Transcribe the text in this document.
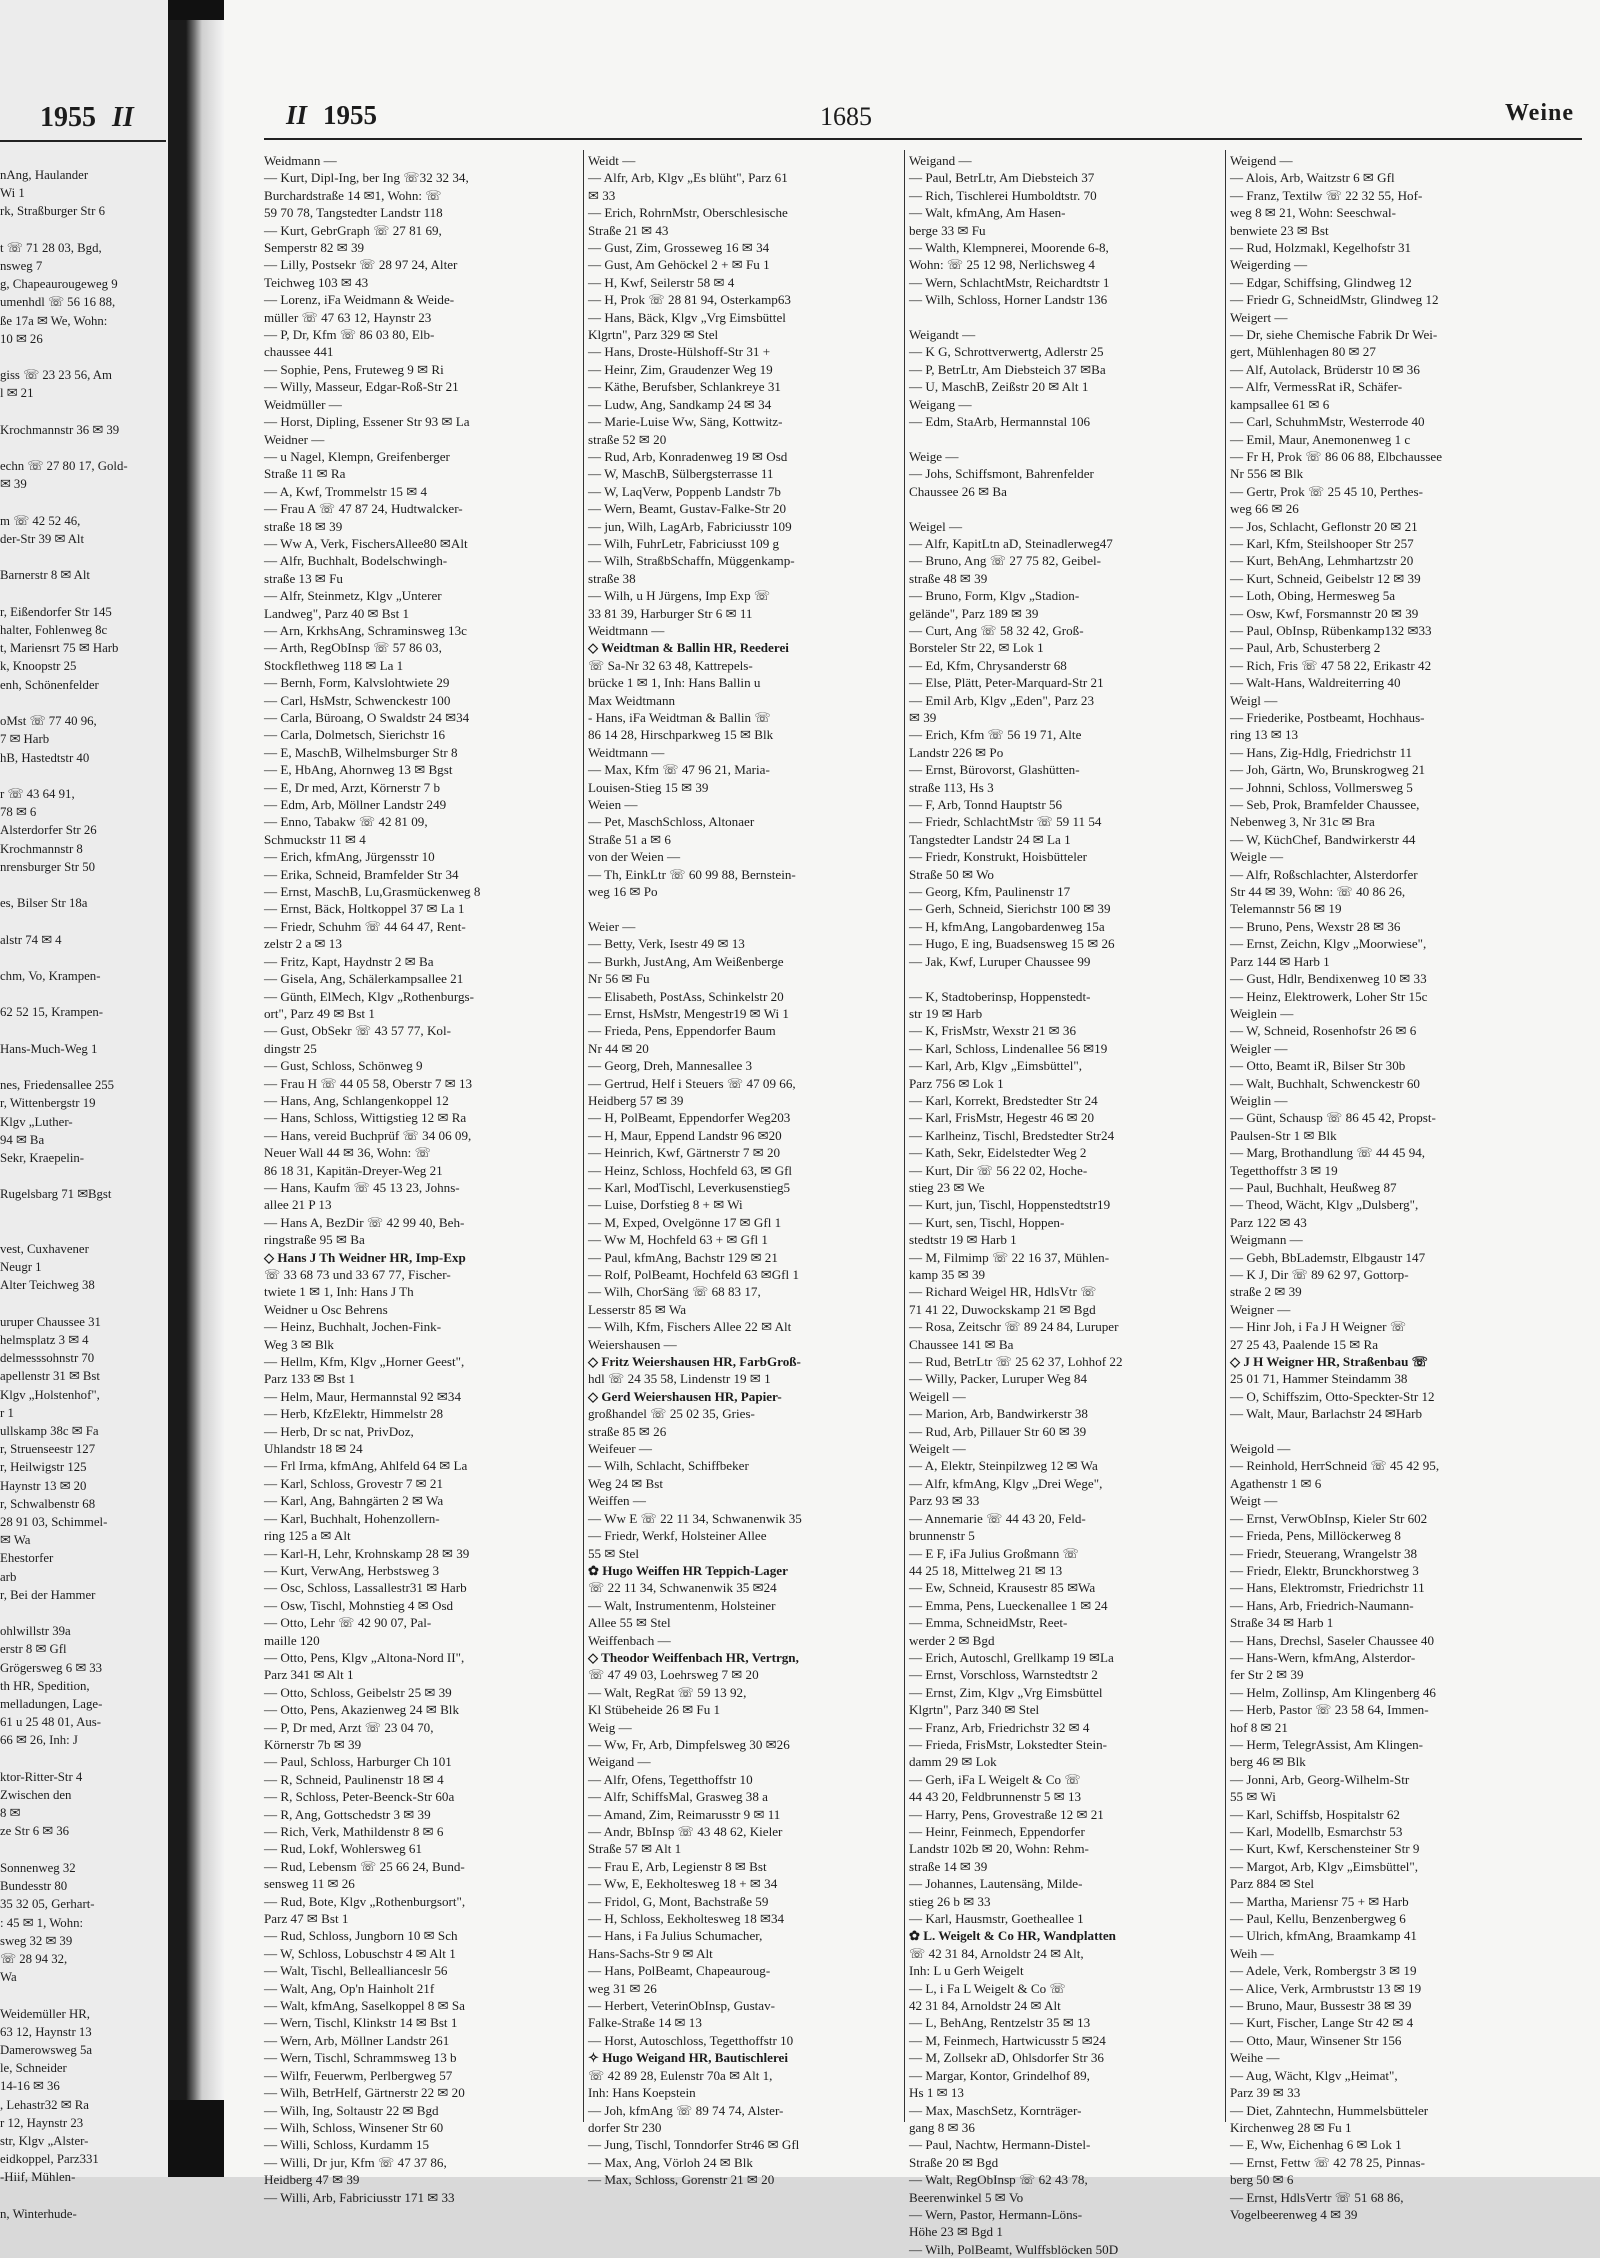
1955 II
nAng, Haulander
Wi 1
rk, Straßburger Str 6

t ☏ 71 28 03, Bgd,
nsweg 7
g, Chapeaurougeweg 9
umenhdl ☏ 56 16 88,
ße 17a ✉ We, Wohn:
10 ✉ 26

giss ☏ 23 23 56, Am
l ✉ 21

Krochmannstr 36 ✉ 39

echn ☏ 27 80 17, Gold-
✉ 39

m ☏ 42 52 46,
der-Str 39 ✉ Alt

Barnerstr 8 ✉ Alt

r, Eißendorfer Str 145
halter, Fohlenweg 8c
t, Mariensrt 75 ✉ Harb
k, Knoopstr 25
enh, Schönenfelder

oMst ☏ 77 40 96,
7 ✉ Harb
hB, Hastedtstr 40

r ☏ 43 64 91,
78 ✉ 6
Alsterdorfer Str 26
Krochmannstr 8
nrensburger Str 50

es, Bilser Str 18a

alstr 74 ✉ 4

chm, Vo, Krampen-

62 52 15, Krampen-

Hans-Much-Weg 1

nes, Friedensallee 255
r, Wittenbergstr 19
Klgv „Luther-
94 ✉ Ba
Sekr, Kraepelin-

Rugelsbarg 71 ✉Bgst

vest, Cuxhavener
Neugr 1
Alter Teichweg 38

uruper Chaussee 31
helmsplatz 3 ✉ 4
delmesssohnstr 70
apellenstr 31 ✉ Bst
Klgv „Holstenhof",
r 1
ullskamp 38c ✉ Fa
r, Struenseestr 127
r, Heilwigstr 125
Haynstr 13 ✉ 20
r, Schwalbenstr 68
28 91 03, Schimmel-
✉ Wa
Ehestorfer
arb
r, Bei der Hammer

ohlwillstr 39a
erstr 8 ✉ Gfl
Grögersweg 6 ✉ 33
th HR, Spedition,
melladungen, Lage-
61 u 25 48 01, Aus-
66 ✉ 26, Inh: J

ktor-Ritter-Str 4
Zwischen den
8 ✉
ze Str 6 ✉ 36

Sonnenweg 32
Bundesstr 80
35 32 05, Gerhart-
: 45 ✉ 1, Wohn:
sweg 32 ✉ 39
☏ 28 94 32,
Wa

Weidemüller HR,
63 12, Haynstr 13
Damerowsweg 5a
le, Schneider
14-16 ✉ 36
, Lehastr32 ✉ Ra
r 12, Haynstr 23
str, Klgv „Alster-
eidkoppel, Parz331
-Hiif, Mühlen-

n, Winterhude-
II 1955	1685	Weine
Weidmann —
— Kurt, Dipl-Ing, ber Ing ☏32 32 34,
Burchardstraße 14 ✉1, Wohn: ☏
59 70 78, Tangstedter Landstr 118
— Kurt, GebrGraph ☏ 27 81 69,
Semperstr 82 ✉ 39
— Lilly, Postsekr ☏ 28 97 24, Alter
Teichweg 103 ✉ 43
— Lorenz, iFa Weidmann & Weide-
müller ☏ 47 63 12, Haynstr 23
— P, Dr, Kfm ☏ 86 03 80, Elb-
chaussee 441
— Sophie, Pens, Fruteweg 9 ✉ Ri
— Willy, Masseur, Edgar-Roß-Str 21
Weidmüller —
— Horst, Dipling, Essener Str 93 ✉ La
Weidner —
— u Nagel, Klempn, Greifenberger
Straße 11 ✉ Ra
— A, Kwf, Trommelstr 15 ✉ 4
— Frau A ☏ 47 87 24, Hudtwalcker-
straße 18 ✉ 39
— Ww A, Verk, FischersAllee80 ✉Alt
— Alfr, Buchhalt, Bodelschwingh-
straße 13 ✉ Fu
— Alfr, Steinmetz, Klgv „Unterer
Landweg", Parz 40 ✉ Bst 1
— Arn, KrkhsAng, Schraminsweg 13c
— Arth, RegObInsp ☏ 57 86 03,
Stockflethweg 118 ✉ La 1
— Bernh, Form, Kalvslohtwiete 29
— Carl, HsMstr, Schwenckestr 100
— Carla, Büroang, O Swaldstr 24 ✉34
— Carla, Dolmetsch, Sierichstr 16
— E, MaschB, Wilhelmsburger Str 8
— E, HbAng, Ahornweg 13 ✉ Bgst
— E, Dr med, Arzt, Körnerstr 7 b
— Edm, Arb, Möllner Landstr 249
— Enno, Tabakw ☏ 42 81 09,
Schmuckstr 11 ✉ 4
— Erich, kfmAng, Jürgensstr 10
— Erika, Schneid, Bramfelder Str 34
— Ernst, MaschB, Lu,Grasmückenweg 8
— Ernst, Bäck, Holtkoppel 37 ✉ La 1
— Friedr, Schuhm ☏ 44 64 47, Rent-
zelstr 2 a ✉ 13
— Fritz, Kapt, Haydnstr 2 ✉ Ba
— Gisela, Ang, Schälerkampsallee 21
— Günth, ElMech, Klgv „Rothenburgs-
ort", Parz 49 ✉ Bst 1
— Gust, ObSekr ☏ 43 57 77, Kol-
dingstr 25
— Gust, Schloss, Schönweg 9
— Frau H ☏ 44 05 58, Oberstr 7 ✉ 13
— Hans, Ang, Schlangenkoppel 12
— Hans, Schloss, Wittigstieg 12 ✉ Ra
— Hans, vereid Buchprüf ☏ 34 06 09,
Neuer Wall 44 ✉ 36, Wohn: ☏
86 18 31, Kapitän-Dreyer-Weg 21
— Hans, Kaufm ☏ 45 13 23, Johns-
allee 21 P 13
— Hans A, BezDir ☏ 42 99 40, Beh-
ringstraße 95 ✉ Ba
◇ Hans J Th Weidner HR, Imp-Exp
☏ 33 68 73 und 33 67 77, Fischer-
twiete 1 ✉ 1, Inh: Hans J Th
Weidner u Osc Behrens
— Heinz, Buchhalt, Jochen-Fink-
Weg 3 ✉ Blk
— Hellm, Kfm, Klgv „Horner Geest",
Parz 133 ✉ Bst 1
— Helm, Maur, Hermannstal 92 ✉34
— Herb, KfzElektr, Himmelstr 28
— Herb, Dr sc nat, PrivDoz,
Uhlandstr 18 ✉ 24
— Frl Irma, kfmAng, Ahlfeld 64 ✉ La
— Karl, Schloss, Grovestr 7 ✉ 21
— Karl, Ang, Bahngärten 2 ✉ Wa
— Karl, Buchhalt, Hohenzollern-
ring 125 a ✉ Alt
— Karl-H, Lehr, Krohnskamp 28 ✉ 39
— Kurt, VerwAng, Herbstsweg 3
— Osc, Schloss, Lassallestr31 ✉ Harb
— Osw, Tischl, Mohnstieg 4 ✉ Osd
— Otto, Lehr ☏ 42 90 07, Pal-
maille 120
— Otto, Pens, Klgv „Altona-Nord II",
Parz 341 ✉ Alt 1
— Otto, Schloss, Geibelstr 25 ✉ 39
— Otto, Pens, Akazienweg 24 ✉ Blk
— P, Dr med, Arzt ☏ 23 04 70,
Körnerstr 7b ✉ 39
— Paul, Schloss, Harburger Ch 101
— R, Schneid, Paulinenstr 18 ✉ 4
— R, Schloss, Peter-Beenck-Str 60a
— R, Ang, Gottschedstr 3 ✉ 39
— Rich, Verk, Mathildenstr 8 ✉ 6
— Rud, Lokf, Wohlersweg 61
— Rud, Lebensm ☏ 25 66 24, Bund-
sensweg 11 ✉ 26
— Rud, Bote, Klgv „Rothenburgsort",
Parz 47 ✉ Bst 1
— Rud, Schloss, Jungborn 10 ✉ Sch
— W, Schloss, Lobuschstr 4 ✉ Alt 1
— Walt, Tischl, Belleallianceslr 56
— Walt, Ang, Op'n Hainholt 21f
— Walt, kfmAng, Saselkoppel 8 ✉ Sa
— Wern, Tischl, Klinkstr 14 ✉ Bst 1
— Wern, Arb, Möllner Landstr 261
— Wern, Tischl, Schrammsweg 13 b
— Wilfr, Feuerwm, Perlbergweg 57
— Wilh, BetrHelf, Gärtnerstr 22 ✉ 20
— Wilh, Ing, Soltaustr 22 ✉ Bgd
— Wilh, Schloss, Winsener Str 60
— Willi, Schloss, Kurdamm 15
— Willi, Dr jur, Kfm ☏ 47 37 86,
Heidberg 47 ✉ 39
— Willi, Arb, Fabriciusstr 171 ✉ 33
Weidt —
— Alfr, Arb, Klgv „Es blüht", Parz 61
✉ 33
— Erich, RohrnMstr, Oberschlesische
Straße 21 ✉ 43
— Gust, Zim, Grosseweg 16 ✉ 34
— Gust, Am Gehöckel 2 + ✉ Fu 1
— H, Kwf, Seilerstr 58 ✉ 4
— H, Prok ☏ 28 81 94, Osterkamp63
— Hans, Bäck, Klgv „Vrg Eimsbüttel
Klgrtn", Parz 329 ✉ Stel
— Hans, Droste-Hülshoff-Str 31 +
— Heinr, Zim, Graudenzer Weg 19
— Käthe, Berufsber, Schlankreye 31
— Ludw, Ang, Sandkamp 24 ✉ 34
— Marie-Luise Ww, Säng, Kottwitz-
straße 52 ✉ 20
— Rud, Arb, Konradenweg 19 ✉ Osd
— W, MaschB, Sülbergsterrasse 11
— W, LaqVerw, Poppenb Landstr 7b
— Wern, Beamt, Gustav-Falke-Str 20
— jun, Wilh, LagArb, Fabriciusstr 109
— Wilh, FuhrLetr, Fabriciusst 109 g
— Wilh, StraßbSchaffn, Müggenkamp-
straße 38
— Wilh, u H Jürgens, Imp Exp ☏
33 81 39, Harburger Str 6 ✉ 11
Weidtmann —
◇ Weidtman & Ballin HR, Reederei
☏ Sa-Nr 32 63 48, Kattrepels-
brücke 1 ✉ 1, Inh: Hans Ballin u
Max Weidtmann
- Hans, iFa Weidtman & Ballin ☏
86 14 28, Hirschparkweg 15 ✉ Blk
Weidtmann —
— Max, Kfm ☏ 47 96 21, Maria-
Louisen-Stieg 15 ✉ 39
Weien —
— Pet, MaschSchloss, Altonaer
Straße 51 a ✉ 6
von der Weien —
— Th, EinkLtr ☏ 60 99 88, Bernstein-
weg 16 ✉ Po

Weier —
— Betty, Verk, Isestr 49 ✉ 13
— Burkh, JustAng, Am Weißenberge
Nr 56 ✉ Fu
— Elisabeth, PostAss, Schinkelstr 20
— Ernst, HsMstr, Mengestr19 ✉ Wi 1
— Frieda, Pens, Eppendorfer Baum
Nr 44 ✉ 20
— Georg, Dreh, Mannesallee 3
— Gertrud, Helf i Steuers ☏ 47 09 66,
Heidberg 57 ✉ 39
— H, PolBeamt, Eppendorfer Weg203
— H, Maur, Eppend Landstr 96 ✉20
— Heinrich, Kwf, Gärtnerstr 7 ✉ 20
— Heinz, Schloss, Hochfeld 63, ✉ Gfl
— Karl, ModTischl, Leverkusenstieg5
— Luise, Dorfstieg 8 + ✉ Wi
— M, Exped, Ovelgönne 17 ✉ Gfl 1
— Ww M, Hochfeld 63 + ✉ Gfl 1
— Paul, kfmAng, Bachstr 129 ✉ 21
— Rolf, PolBeamt, Hochfeld 63 ✉Gfl 1
— Wilh, ChorSäng ☏ 68 83 17,
Lesserstr 85 ✉ Wa
— Wilh, Kfm, Fischers Allee 22 ✉ Alt
Weiershausen —
◇ Fritz Weiershausen HR, FarbGroß-
hdl ☏ 24 35 58, Lindenstr 19 ✉ 1
◇ Gerd Weiershausen HR, Papier-
großhandel ☏ 25 02 35, Gries-
straße 85 ✉ 26
Weifeuer —
— Wilh, Schlacht, Schiffbeker
Weg 24 ✉ Bst
Weiffen —
— Ww E ☏ 22 11 34, Schwanenwik 35
— Friedr, Werkf, Holsteiner Allee
55 ✉ Stel
✿ Hugo Weiffen HR Teppich-Lager
☏ 22 11 34, Schwanenwik 35 ✉24
— Walt, Instrumentenm, Holsteiner
Allee 55 ✉ Stel
Weiffenbach —
◇ Theodor Weiffenbach HR, Vertrgn,
☏ 47 49 03, Loehrsweg 7 ✉ 20
— Walt, RegRat ☏ 59 13 92,
Kl Stübeheide 26 ✉ Fu 1
Weig —
— Ww, Fr, Arb, Dimpfelsweg 30 ✉26
Weigand —
— Alfr, Ofens, Tegetthoffstr 10
— Alfr, SchiffsMal, Grasweg 38 a
— Amand, Zim, Reimarusstr 9 ✉ 11
— Andr, BbInsp ☏ 43 48 62, Kieler
Straße 57 ✉ Alt 1
— Frau E, Arb, Legienstr 8 ✉ Bst
— Ww, E, Eekholtesweg 18 + ✉ 34
— Fridol, G, Mont, Bachstraße 59
— H, Schloss, Eekholtesweg 18 ✉34
— Hans, i Fa Julius Schumacher,
Hans-Sachs-Str 9 ✉ Alt
— Hans, PolBeamt, Chapeauroug-
weg 31 ✉ 26
— Herbert, VeterinObInsp, Gustav-
Falke-Straße 14 ✉ 13
— Horst, Autoschloss, Tegetthoffstr 10
✧ Hugo Weigand HR, Bautischlerei
☏ 42 89 28, Eulenstr 70a ✉ Alt 1,
Inh: Hans Koepstein
— Joh, kfmAng ☏ 89 74 74, Alster-
dorfer Str 230
— Jung, Tischl, Tonndorfer Str46 ✉ Gfl
— Max, Ang, Vörloh 24 ✉ Blk
— Max, Schloss, Gorenstr 21 ✉ 20
Weigand —
— Paul, BetrLtr, Am Diebsteich 37
— Rich, Tischlerei Humboldtstr. 70
— Walt, kfmAng, Am Hasen-
berge 33 ✉ Fu
— Walth, Klempnerei, Moorende 6-8,
Wohn: ☏ 25 12 98, Nerlichsweg 4
— Wern, SchlachtMstr, Reichardtstr 1
— Wilh, Schloss, Horner Landstr 136

Weigandt —
— K G, Schrottverwertg, Adlerstr 25
— P, BetrLtr, Am Diebsteich 37 ✉Ba
— U, MaschB, Zeißstr 20 ✉ Alt 1
Weigang —
— Edm, StaArb, Hermannstal 106

Weige —
— Johs, Schiffsmont, Bahrenfelder
Chaussee 26 ✉ Ba

Weigel —
— Alfr, KapitLtn aD, Steinadlerweg47
— Bruno, Ang ☏ 27 75 82, Geibel-
straße 48 ✉ 39
— Bruno, Form, Klgv „Stadion-
gelände", Parz 189 ✉ 39
— Curt, Ang ☏ 58 32 42, Groß-
Borsteler Str 22, ✉ Lok 1
— Ed, Kfm, Chrysanderstr 68
— Else, Plätt, Peter-Marquard-Str 21
— Emil Arb, Klgv „Eden", Parz 23
✉ 39
— Erich, Kfm ☏ 56 19 71, Alte
Landstr 226 ✉ Po
— Ernst, Bürovorst, Glashütten-
straße 113, Hs 3
— F, Arb, Tonnd Hauptstr 56
— Friedr, SchlachtMstr ☏ 59 11 54
Tangstedter Landstr 24 ✉ La 1
— Friedr, Konstrukt, Hoisbütteler
Straße 50 ✉ Wo
— Georg, Kfm, Paulinenstr 17
— Gerh, Schneid, Sierichstr 100 ✉ 39
— H, kfmAng, Langobardenweg 15a
— Hugo, E ing, Buadsensweg 15 ✉ 26
— Jak, Kwf, Luruper Chaussee 99

— K, Stadtoberinsp, Hoppenstedt-
str 19 ✉ Harb
— K, FrisMstr, Wexstr 21 ✉ 36
— Karl, Schloss, Lindenallee 56 ✉19
— Karl, Arb, Klgv „Eimsbüttel",
Parz 756 ✉ Lok 1
— Karl, Korrekt, Bredstedter Str 24
— Karl, FrisMstr, Hegestr 46 ✉ 20
— Karlheinz, Tischl, Bredstedter Str24
— Kath, Sekr, Eidelstedter Weg 2
— Kurt, Dir ☏ 56 22 02, Hoche-
stieg 23 ✉ We
— Kurt, jun, Tischl, Hoppenstedtstr19
— Kurt, sen, Tischl, Hoppen-
stedtstr 19 ✉ Harb 1
— M, Filmimp ☏ 22 16 37, Mühlen-
kamp 35 ✉ 39
— Richard Weigel HR, HdlsVtr ☏
71 41 22, Duwockskamp 21 ✉ Bgd
— Rosa, Zeitschr ☏ 89 24 84, Luruper
Chaussee 141 ✉ Ba
— Rud, BetrLtr ☏ 25 62 37, Lohhof 22
— Willy, Packer, Luruper Weg 84
Weigell —
— Marion, Arb, Bandwirkerstr 38
— Rud, Arb, Pillauer Str 60 ✉ 39
Weigelt —
— A, Elektr, Steinpilzweg 12 ✉ Wa
— Alfr, kfmAng, Klgv „Drei Wege",
Parz 93 ✉ 33
— Annemarie ☏ 44 43 20, Feld-
brunnenstr 5
— E F, iFa Julius Großmann ☏
44 25 18, Mittelweg 21 ✉ 13
— Ew, Schneid, Krausestr 85 ✉Wa
— Emma, Pens, Lueckenallee 1 ✉ 24
— Emma, SchneidMstr, Reet-
werder 2 ✉ Bgd
— Erich, Autoschl, Grellkamp 19 ✉La
— Ernst, Vorschloss, Warnstedtstr 2
— Ernst, Zim, Klgv „Vrg Eimsbüttel
Klgrtn", Parz 340 ✉ Stel
— Franz, Arb, Friedrichstr 32 ✉ 4
— Frieda, FrisMstr, Lokstedter Stein-
damm 29 ✉ Lok
— Gerh, iFa L Weigelt & Co ☏
44 43 20, Feldbrunnenstr 5 ✉ 13
— Harry, Pens, Grovestraße 12 ✉ 21
— Heinr, Feinmech, Eppendorfer
Landstr 102b ✉ 20, Wohn: Rehm-
straße 14 ✉ 39
— Johannes, Lautensäng, Milde-
stieg 26 b ✉ 33
— Karl, Hausmstr, Goetheallee 1
✿ L. Weigelt & Co HR, Wandplatten
☏ 42 31 84, Arnoldstr 24 ✉ Alt,
Inh: L u Gerh Weigelt
— L, i Fa L Weigelt & Co ☏
42 31 84, Arnoldstr 24 ✉ Alt
— L, BehAng, Rentzelstr 35 ✉ 13
— M, Feinmech, Hartwicusstr 5 ✉24
— M, Zollsekr aD, Ohlsdorfer Str 36
— Margar, Kontor, Grindelhof 89,
Hs 1 ✉ 13
— Max, MaschSetz, Kornträger-
gang 8 ✉ 36
— Paul, Nachtw, Hermann-Distel-
Straße 20 ✉ Bgd
— Walt, RegObInsp ☏ 62 43 78,
Beerenwinkel 5 ✉ Vo
— Wern, Pastor, Hermann-Löns-
Höhe 23 ✉ Bgd 1
— Wilh, PolBeamt, Wulffsblöcken 50D
Weigend —
— Alois, Arb, Waitzstr 6 ✉ Gfl
— Franz, Textilw ☏ 22 32 55, Hof-
weg 8 ✉ 21, Wohn: Seeschwal-
benwiete 23 ✉ Bst
— Rud, Holzmakl, Kegelhofstr 31
Weigerding —
— Edgar, Schiffsing, Glindweg 12
— Friedr G, SchneidMstr, Glindweg 12
Weigert —
— Dr, siehe Chemische Fabrik Dr Wei-
gert, Mühlenhagen 80 ✉ 27
— Alf, Autolack, Brüderstr 10 ✉ 36
— Alfr, VermessRat iR, Schäfer-
kampsallee 61 ✉ 6
— Carl, SchuhmMstr, Westerrode 40
— Emil, Maur, Anemonenweg 1 c
— Fr H, Prok ☏ 86 06 88, Elbchaussee
Nr 556 ✉ Blk
— Gertr, Prok ☏ 25 45 10, Perthes-
weg 66 ✉ 26
— Jos, Schlacht, Geflonstr 20 ✉ 21
— Karl, Kfm, Steilshooper Str 257
— Kurt, BehAng, Lehmhartzstr 20
— Kurt, Schneid, Geibelstr 12 ✉ 39
— Loth, Obing, Hermesweg 5a
— Osw, Kwf, Forsmannstr 20 ✉ 39
— Paul, ObInsp, Rübenkamp132 ✉33
— Paul, Arb, Schusterberg 2
— Rich, Fris ☏ 47 58 22, Erikastr 42
— Walt-Hans, Waldreiterring 40
Weigl —
— Friederike, Postbeamt, Hochhaus-
ring 13 ✉ 13
— Hans, Zig-Hdlg, Friedrichstr 11
— Joh, Gärtn, Wo, Brunskrogweg 21
— Johnni, Schloss, Vollmersweg 5
— Seb, Prok, Bramfelder Chaussee,
Nebenweg 3, Nr 31c ✉ Bra
— W, KüchChef, Bandwirkerstr 44
Weigle —
— Alfr, Roßschlachter, Alsterdorfer
Str 44 ✉ 39, Wohn: ☏ 40 86 26,
Telemannstr 56 ✉ 19
— Bruno, Pens, Wexstr 28 ✉ 36
— Ernst, Zeichn, Klgv „Moorwiese",
Parz 144 ✉ Harb 1
— Gust, Hdlr, Bendixenweg 10 ✉ 33
— Heinz, Elektrowerk, Loher Str 15c
Weiglein —
— W, Schneid, Rosenhofstr 26 ✉ 6
Weigler —
— Otto, Beamt iR, Bilser Str 30b
— Walt, Buchhalt, Schwenckestr 60
Weiglin —
— Günt, Schausp ☏ 86 45 42, Propst-
Paulsen-Str 1 ✉ Blk
— Marg, Brothandlung ☏ 44 45 94,
Tegetthoffstr 3 ✉ 19
— Paul, Buchhalt, Heußweg 87
— Theod, Wächt, Klgv „Dulsberg",
Parz 122 ✉ 43
Weigmann —
— Gebh, BbLademstr, Elbgaustr 147
— K J, Dir ☏ 89 62 97, Gottorp-
straße 2 ✉ 39
Weigner —
— Hinr Joh, i Fa J H Weigner ☏
27 25 43, Paalende 15 ✉ Ra
◇ J H Weigner HR, Straßenbau ☏
25 01 71, Hammer Steindamm 38
— O, Schiffszim, Otto-Speckter-Str 12
— Walt, Maur, Barlachstr 24 ✉Harb

Weigold —
— Reinhold, HerrSchneid ☏ 45 42 95,
Agathenstr 1 ✉ 6
Weigt —
— Ernst, VerwObInsp, Kieler Str 602
— Frieda, Pens, Millöckerweg 8
— Friedr, Steuerang, Wrangelstr 38
— Friedr, Elektr, Brunckhorstweg 3
— Hans, Elektromstr, Friedrichstr 11
— Hans, Arb, Friedrich-Naumann-
Straße 34 ✉ Harb 1
— Hans, Drechsl, Saseler Chaussee 40
— Hans-Wern, kfmAng, Alsterdor-
fer Str 2 ✉ 39
— Helm, Zollinsp, Am Klingenberg 46
— Herb, Pastor ☏ 23 58 64, Immen-
hof 8 ✉ 21
— Herm, TelegrAssist, Am Klingen-
berg 46 ✉ Blk
— Jonni, Arb, Georg-Wilhelm-Str
55 ✉ Wi
— Karl, Schiffsb, Hospitalstr 62
— Karl, Modellb, Esmarchstr 53
— Kurt, Kwf, Kerschensteiner Str 9
— Margot, Arb, Klgv „Eimsbüttel",
Parz 884 ✉ Stel
— Martha, Mariensr 75 + ✉ Harb
— Paul, Kellu, Benzenbergweg 6
— Ulrich, kfmAng, Braamkamp 41
Weih —
— Adele, Verk, Rombergstr 3 ✉ 19
— Alice, Verk, Armbruststr 13 ✉ 19
— Bruno, Maur, Bussestr 38 ✉ 39
— Kurt, Fischer, Lange Str 42 ✉ 4
— Otto, Maur, Winsener Str 156
Weihe —
— Aug, Wächt, Klgv „Heimat",
Parz 39 ✉ 33
— Diet, Zahntechn, Hummelsbütteler
Kirchenweg 28 ✉ Fu 1
— E, Ww, Eichenhag 6 ✉ Lok 1
— Ernst, Fettw ☏ 42 78 25, Pinnas-
berg 50 ✉ 6
— Ernst, HdlsVertr ☏ 51 68 86,
Vogelbeerenweg 4 ✉ 39
